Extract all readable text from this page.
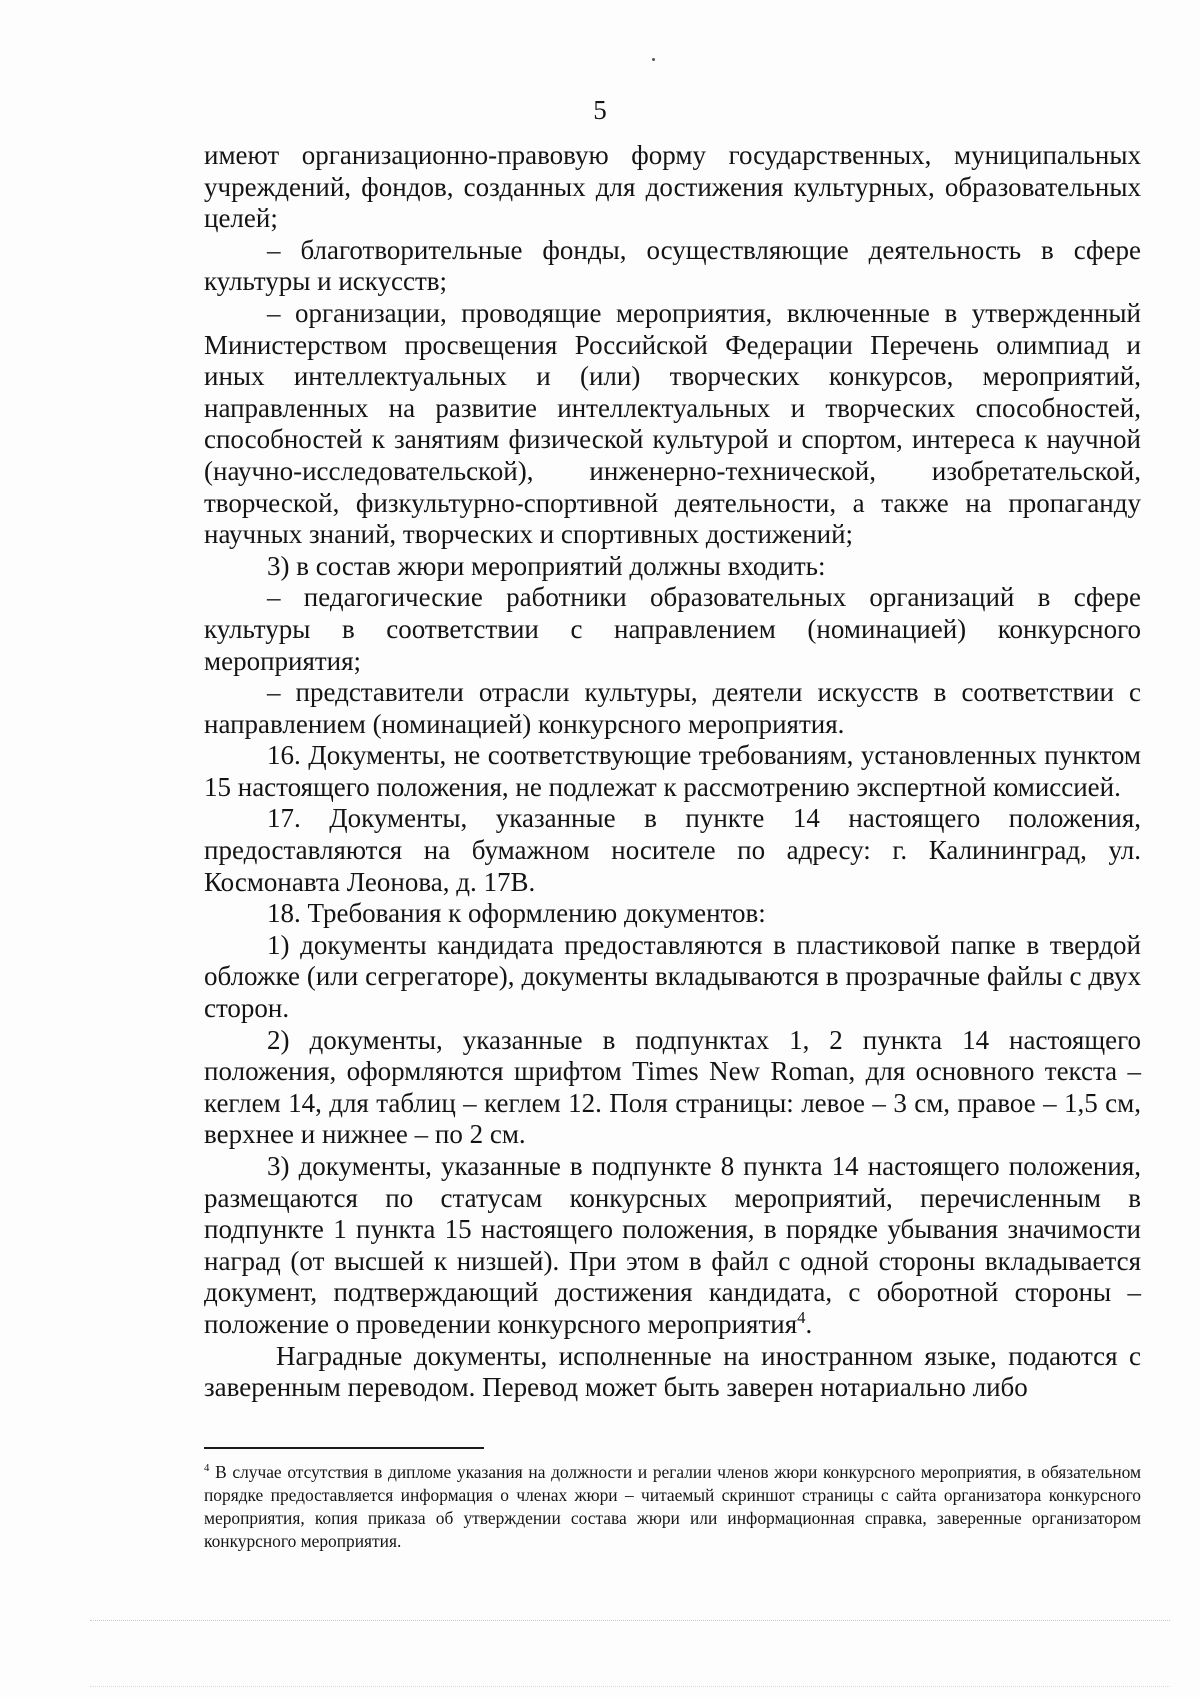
5

имеют организационно-правовую форму государственных, муниципальных учреждений, фондов, созданных для достижения культурных, образовательных целей;

– благотворительные фонды, осуществляющие деятельность в сфере культуры и искусств;

– организации, проводящие мероприятия, включенные в утвержденный Министерством просвещения Российской Федерации Перечень олимпиад и иных интеллектуальных и (или) творческих конкурсов, мероприятий, направленных на развитие интеллектуальных и творческих способностей, способностей к занятиям физической культурой и спортом, интереса к научной (научно-исследовательской), инженерно-технической, изобретательской, творческой, физкультурно-спортивной деятельности, а также на пропаганду научных знаний, творческих и спортивных достижений;

3) в состав жюри мероприятий должны входить:

– педагогические работники образовательных организаций в сфере культуры в соответствии с направлением (номинацией) конкурсного мероприятия;

– представители отрасли культуры, деятели искусств в соответствии с направлением (номинацией) конкурсного мероприятия.

16. Документы, не соответствующие требованиям, установленных пунктом 15 настоящего положения, не подлежат к рассмотрению экспертной комиссией.

17. Документы, указанные в пункте 14 настоящего положения, предоставляются на бумажном носителе по адресу: г. Калининград, ул. Космонавта Леонова, д. 17В.

18. Требования к оформлению документов:

1) документы кандидата предоставляются в пластиковой папке в твердой обложке (или сегрегаторе), документы вкладываются в прозрачные файлы с двух сторон.

2) документы, указанные в подпунктах 1, 2 пункта 14 настоящего положения, оформляются шрифтом Times New Roman, для основного текста – кеглем 14, для таблиц – кеглем 12. Поля страницы: левое – 3 см, правое – 1,5 см, верхнее и нижнее – по 2 см.

3) документы, указанные в подпункте 8 пункта 14 настоящего положения, размещаются по статусам конкурсных мероприятий, перечисленным в подпункте 1 пункта 15 настоящего положения, в порядке убывания значимости наград (от высшей к низшей). При этом в файл с одной стороны вкладывается документ, подтверждающий достижения кандидата, с оборотной стороны – положение о проведении конкурсного мероприятия$^4$.

Наградные документы, исполненные на иностранном языке, подаются с заверенным переводом. Перевод может быть заверен нотариально либо

$^4$ В случае отсутствия в дипломе указания на должности и регалии членов жюри конкурсного мероприятия, в обязательном порядке предоставляется информация о членах жюри – читаемый скриншот страницы с сайта организатора конкурсного мероприятия, копия приказа об утверждении состава жюри или информационная справка, заверенные организатором конкурсного мероприятия.
